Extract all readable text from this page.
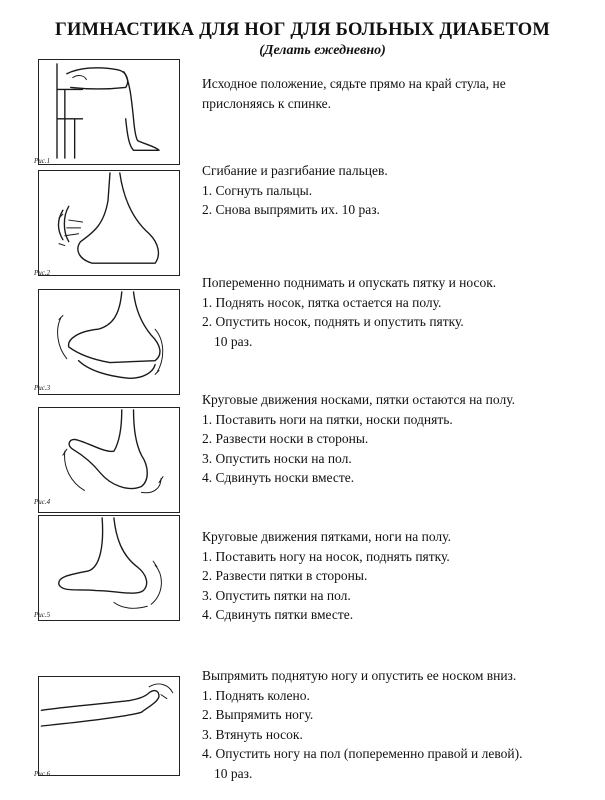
ГИМНАСТИКА ДЛЯ НОГ ДЛЯ БОЛЬНЫХ ДИАБЕТОМ
(Делать ежедневно)
Рис.1
Исходное положение, сядьте прямо на край стула, не
прислоняясь к спинке.
Рис.2
Сгибание и разгибание пальцев.
1. Согнуть пальцы.
2. Снова выпрямить их. 10 раз.
Рис.3
Попеременно поднимать и опускать пятку и носок.
1. Поднять носок, пятка остается на полу.
2. Опустить носок, поднять и опустить пятку.
10 раз.
Рис.4
Круговые движения носками, пятки остаются на полу.
1. Поставить ноги на пятки, носки поднять.
2. Развести носки в стороны.
3. Опустить носки на пол.
4. Сдвинуть носки вместе.
Рис.5
Круговые движения пятками, ноги на полу.
1. Поставить ногу на носок, поднять пятку.
2. Развести пятки в стороны.
3. Опустить пятки на пол.
4. Сдвинуть пятки вместе.
Рис.6
Выпрямить поднятую ногу и опустить ее носком вниз.
1. Поднять колено.
2. Выпрямить ногу.
3. Втянуть носок.
4. Опустить ногу на пол (попеременно правой и левой).
10 раз.
